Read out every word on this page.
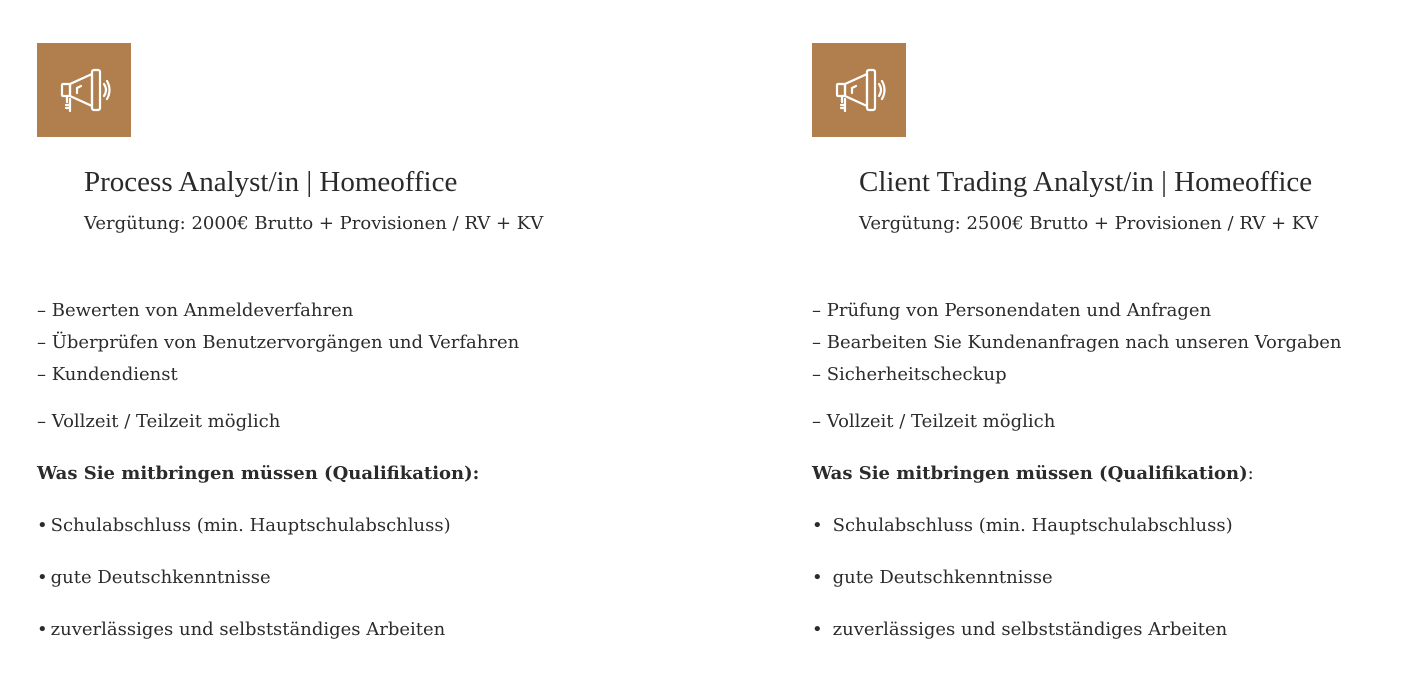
Process Analyst/in | Homeoffice
Vergütung: 2000€ Brutto + Provisionen / RV + KV
– Bewerten von Anmeldeverfahren
– Überprüfen von Benutzervorgängen und Verfahren
– Kundendienst
– Vollzeit / Teilzeit möglich
Was Sie mitbringen müssen (Qualifikation):
• Schulabschluss (min. Hauptschulabschluss)
• gute Deutschkenntnisse
• zuverlässiges und selbstständiges Arbeiten
Client Trading Analyst/in | Homeoffice
Vergütung: 2500€ Brutto + Provisionen / RV + KV
– Prüfung von Personendaten und Anfragen
– Bearbeiten Sie Kundenanfragen nach unseren Vorgaben
– Sicherheitscheckup
– Vollzeit / Teilzeit möglich
Was Sie mitbringen müssen (Qualifikation):
• Schulabschluss (min. Hauptschulabschluss)
• gute Deutschkenntnisse
• zuverlässiges und selbstständiges Arbeiten
